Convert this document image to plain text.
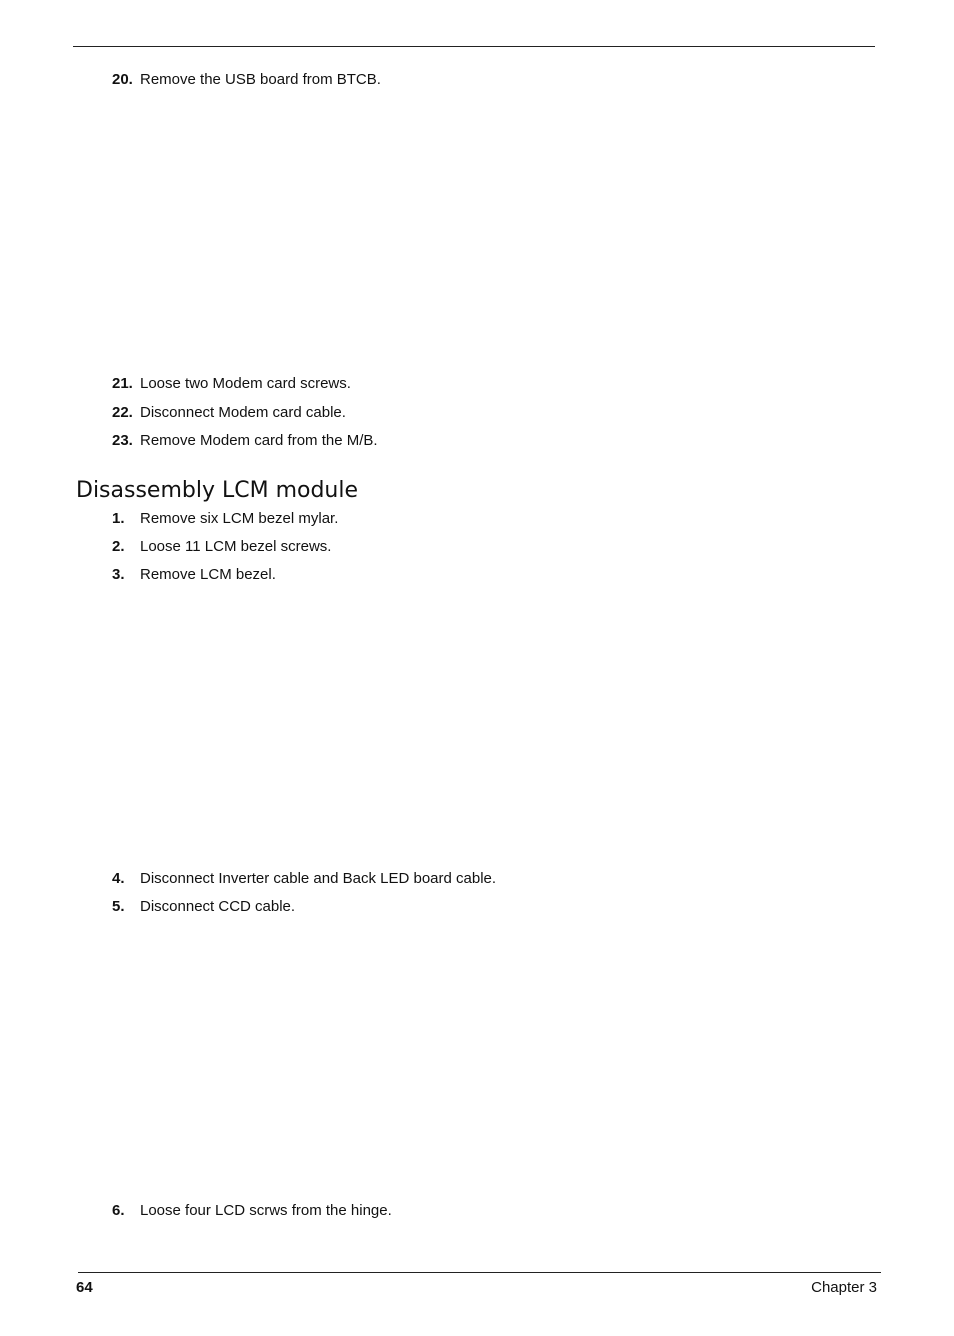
20. Remove the USB board from BTCB.
21. Loose two Modem card screws.
22. Disconnect Modem card cable.
23. Remove Modem card from the M/B.
Disassembly LCM module
1. Remove six LCM bezel mylar.
2. Loose 11 LCM bezel screws.
3. Remove LCM bezel.
4. Disconnect Inverter cable and Back LED board cable.
5. Disconnect CCD cable.
6. Loose four LCD scrws from the hinge.
64	Chapter 3
